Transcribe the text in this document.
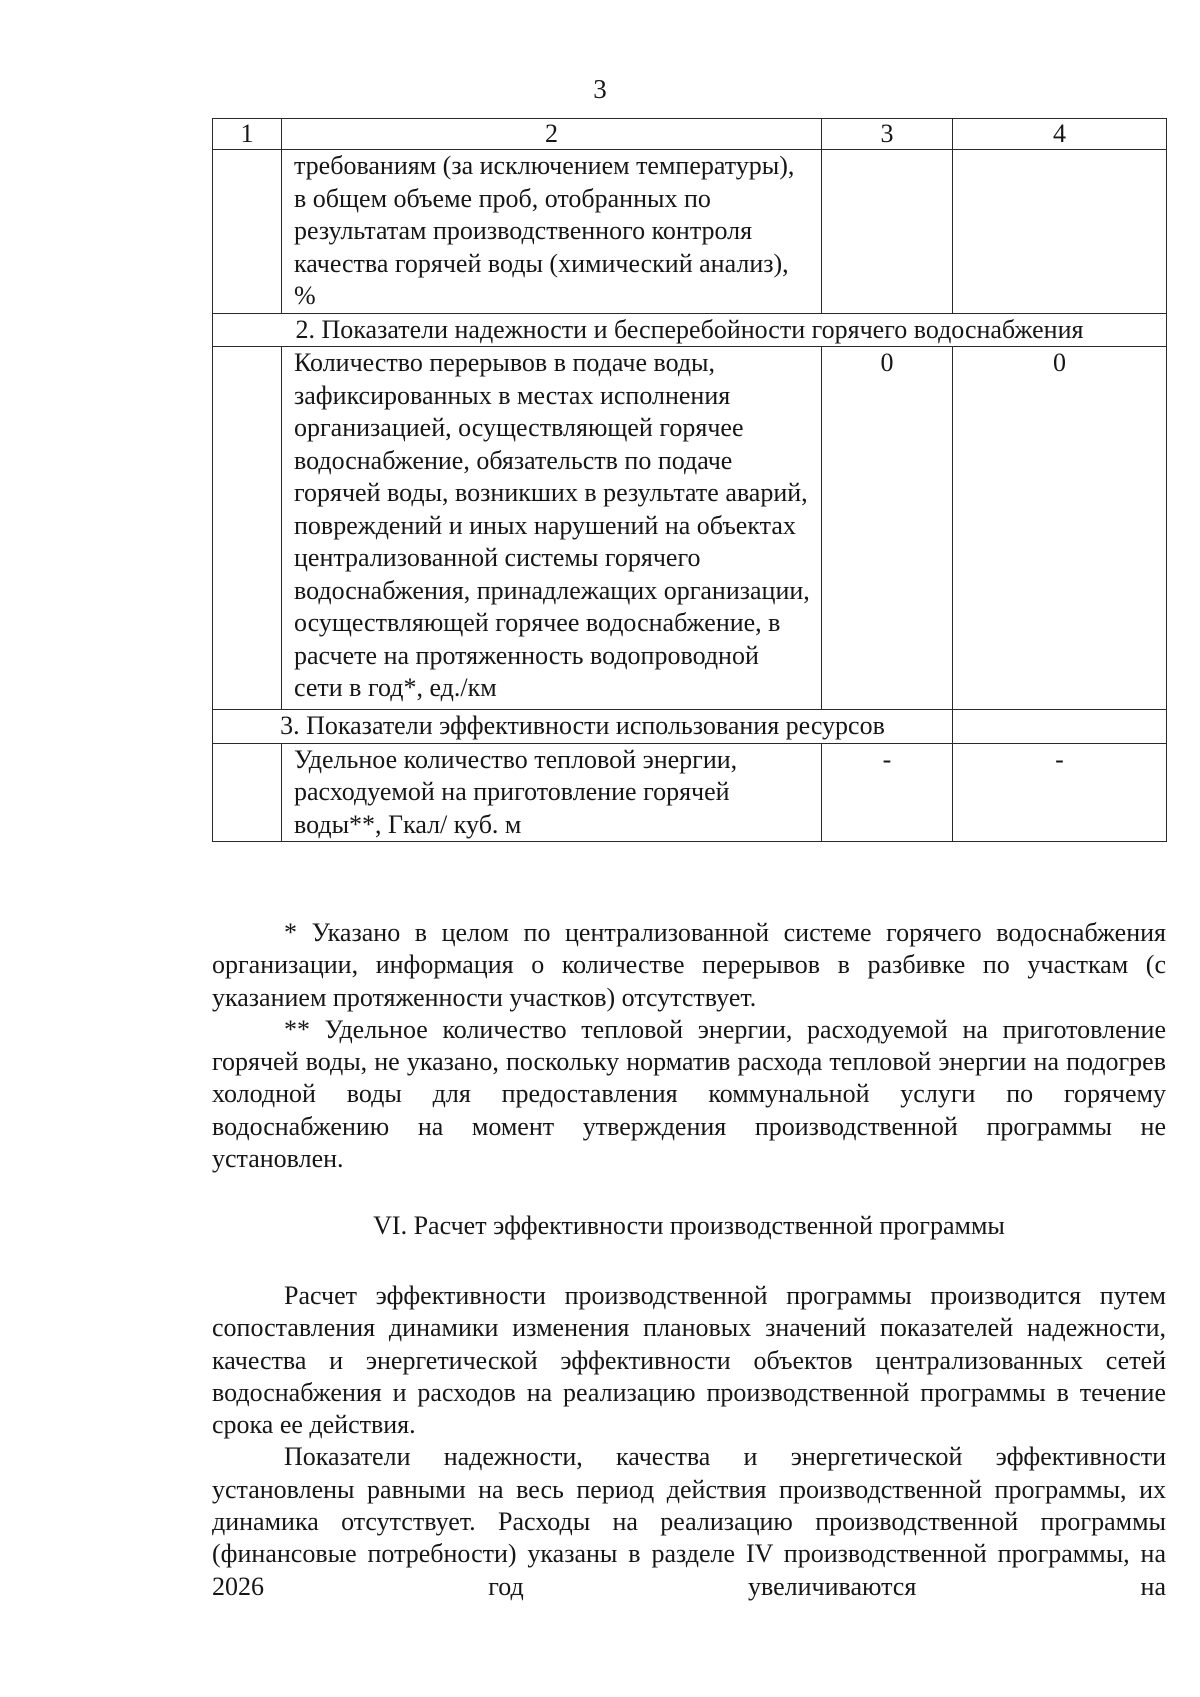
3
1	2	3	4
	требованиям (за исключением температуры), в общем объеме проб, отобранных по результатам производственного контроля качества горячей воды (химический анализ), %		
2. Показатели надежности и бесперебойности горячего водоснабжения			
	Количество перерывов в подаче воды, зафиксированных в местах исполнения организацией, осуществляющей горячее водоснабжение, обязательств по подаче горячей воды, возникших в результате аварий, повреждений и иных нарушений на объектах централизованной системы горячего водоснабжения, принадлежащих организации, осуществляющей горячее водоснабжение, в расчете на протяженность водопроводной сети в год*, ед./км	0	0
3. Показатели эффективности использования ресурсов			
	Удельное количество тепловой энергии, расходуемой на приготовление горячей воды**, Гкал/ куб. м	-	-

* Указано в целом по централизованной системе горячего водоснабжения организации, информация о количестве перерывов в разбивке по участкам (с указанием протяженности участков) отсутствует.

** Удельное количество тепловой энергии, расходуемой на приготовление горячей воды, не указано, поскольку норматив расхода тепловой энергии на подогрев холодной воды для предоставления коммунальной услуги по горячему водоснабжению на момент утверждения производственной программы не установлен.

VI. Расчет эффективности производственной программы

Расчет эффективности производственной программы производится путем сопоставления динамики изменения плановых значений показателей надежности, качества и энергетической эффективности объектов централизованных сетей водоснабжения и расходов на реализацию производственной программы в течение срока ее действия.

Показатели надежности, качества и энергетической эффективности установлены равными на весь период действия производственной программы, их динамика отсутствует. Расходы на реализацию производственной программы (финансовые потребности) указаны в разделе IV производственной программы, на 2026 год увеличиваются на
